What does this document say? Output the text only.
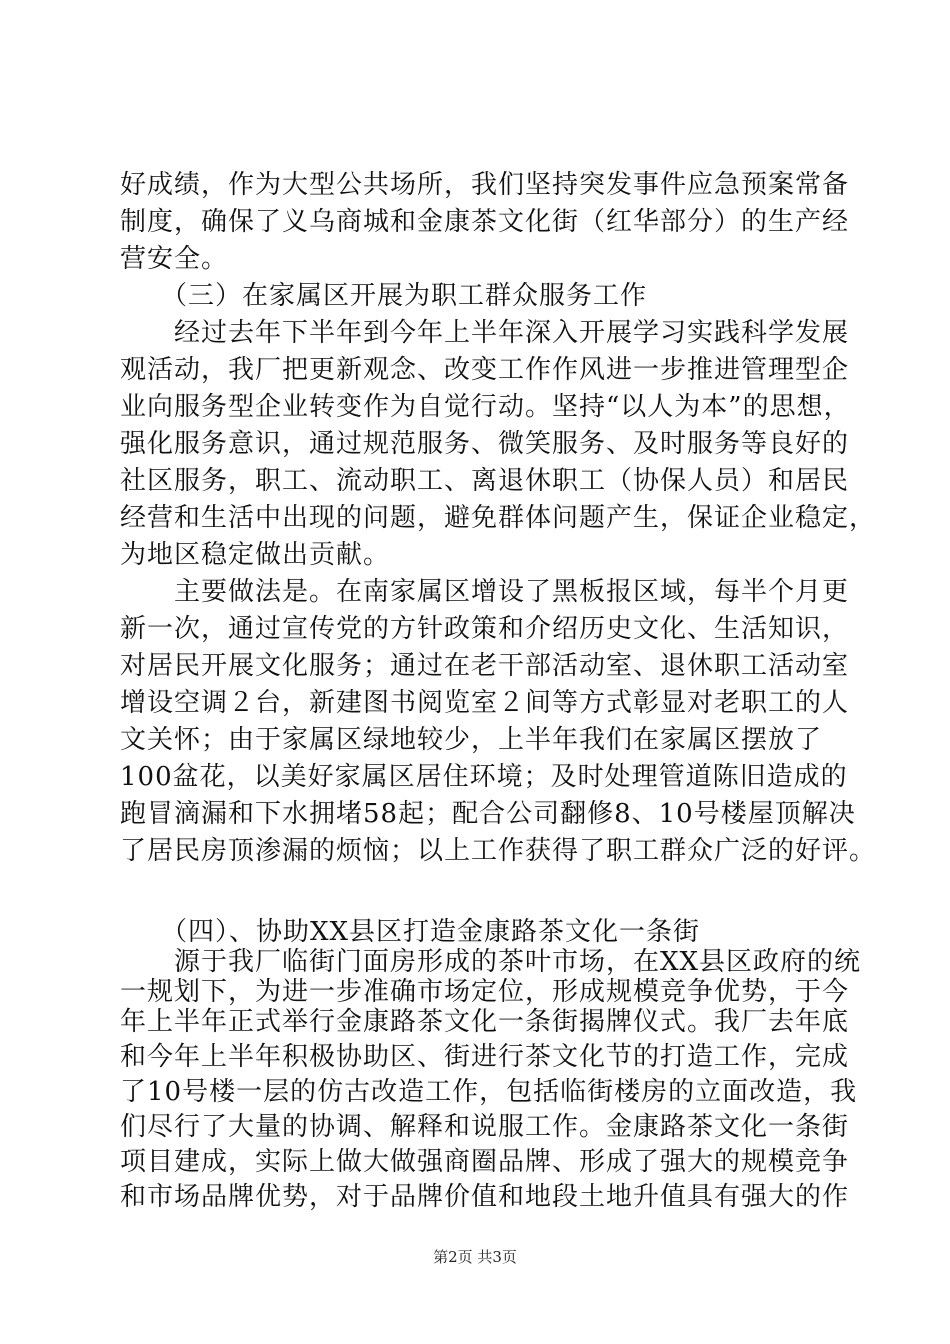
好成绩，作为大型公共场所，我们坚持突发事件应急预案常备
制度，确保了义乌商城和金康茶文化街（红华部分）的生产经
营安全。
　　（三）在家属区开展为职工群众服务工作
　　经过去年下半年到今年上半年深入开展学习实践科学发展
观活动，我厂把更新观念、改变工作作风进一步推进管理型企
业向服务型企业转变作为自觉行动。坚持“以人为本”的思想，
强化服务意识，通过规范服务、微笑服务、及时服务等良好的
社区服务，职工、流动职工、离退休职工（协保人员）和居民
经营和生活中出现的问题，避免群体问题产生，保证企业稳定，
为地区稳定做出贡献。
　　主要做法是。在南家属区增设了黑板报区域，每半个月更
新一次，通过宣传党的方针政策和介绍历史文化、生活知识，
对居民开展文化服务；通过在老干部活动室、退休职工活动室
增设空调２台，新建图书阅览室２间等方式彰显对老职工的人
文关怀；由于家属区绿地较少，上半年我们在家属区摆放了
100盆花，以美好家属区居住环境；及时处理管道陈旧造成的
跑冒滴漏和下水拥堵58起；配合公司翻修8、10号楼屋顶解决
了居民房顶渗漏的烦恼；以上工作获得了职工群众广泛的好评。
　　（四）、协助XX县区打造金康路茶文化一条街
　　源于我厂临街门面房形成的茶叶市场，在XX县区政府的统
一规划下，为进一步准确市场定位，形成规模竞争优势，于今
年上半年正式举行金康路茶文化一条街揭牌仪式。我厂去年底
和今年上半年积极协助区、街进行茶文化节的打造工作，完成
了10号楼一层的仿古改造工作，包括临街楼房的立面改造，我
们尽行了大量的协调、解释和说服工作。金康路茶文化一条街
项目建成，实际上做大做强商圈品牌、形成了强大的规模竞争
和市场品牌优势，对于品牌价值和地段土地升值具有强大的作
第2页 共3页
